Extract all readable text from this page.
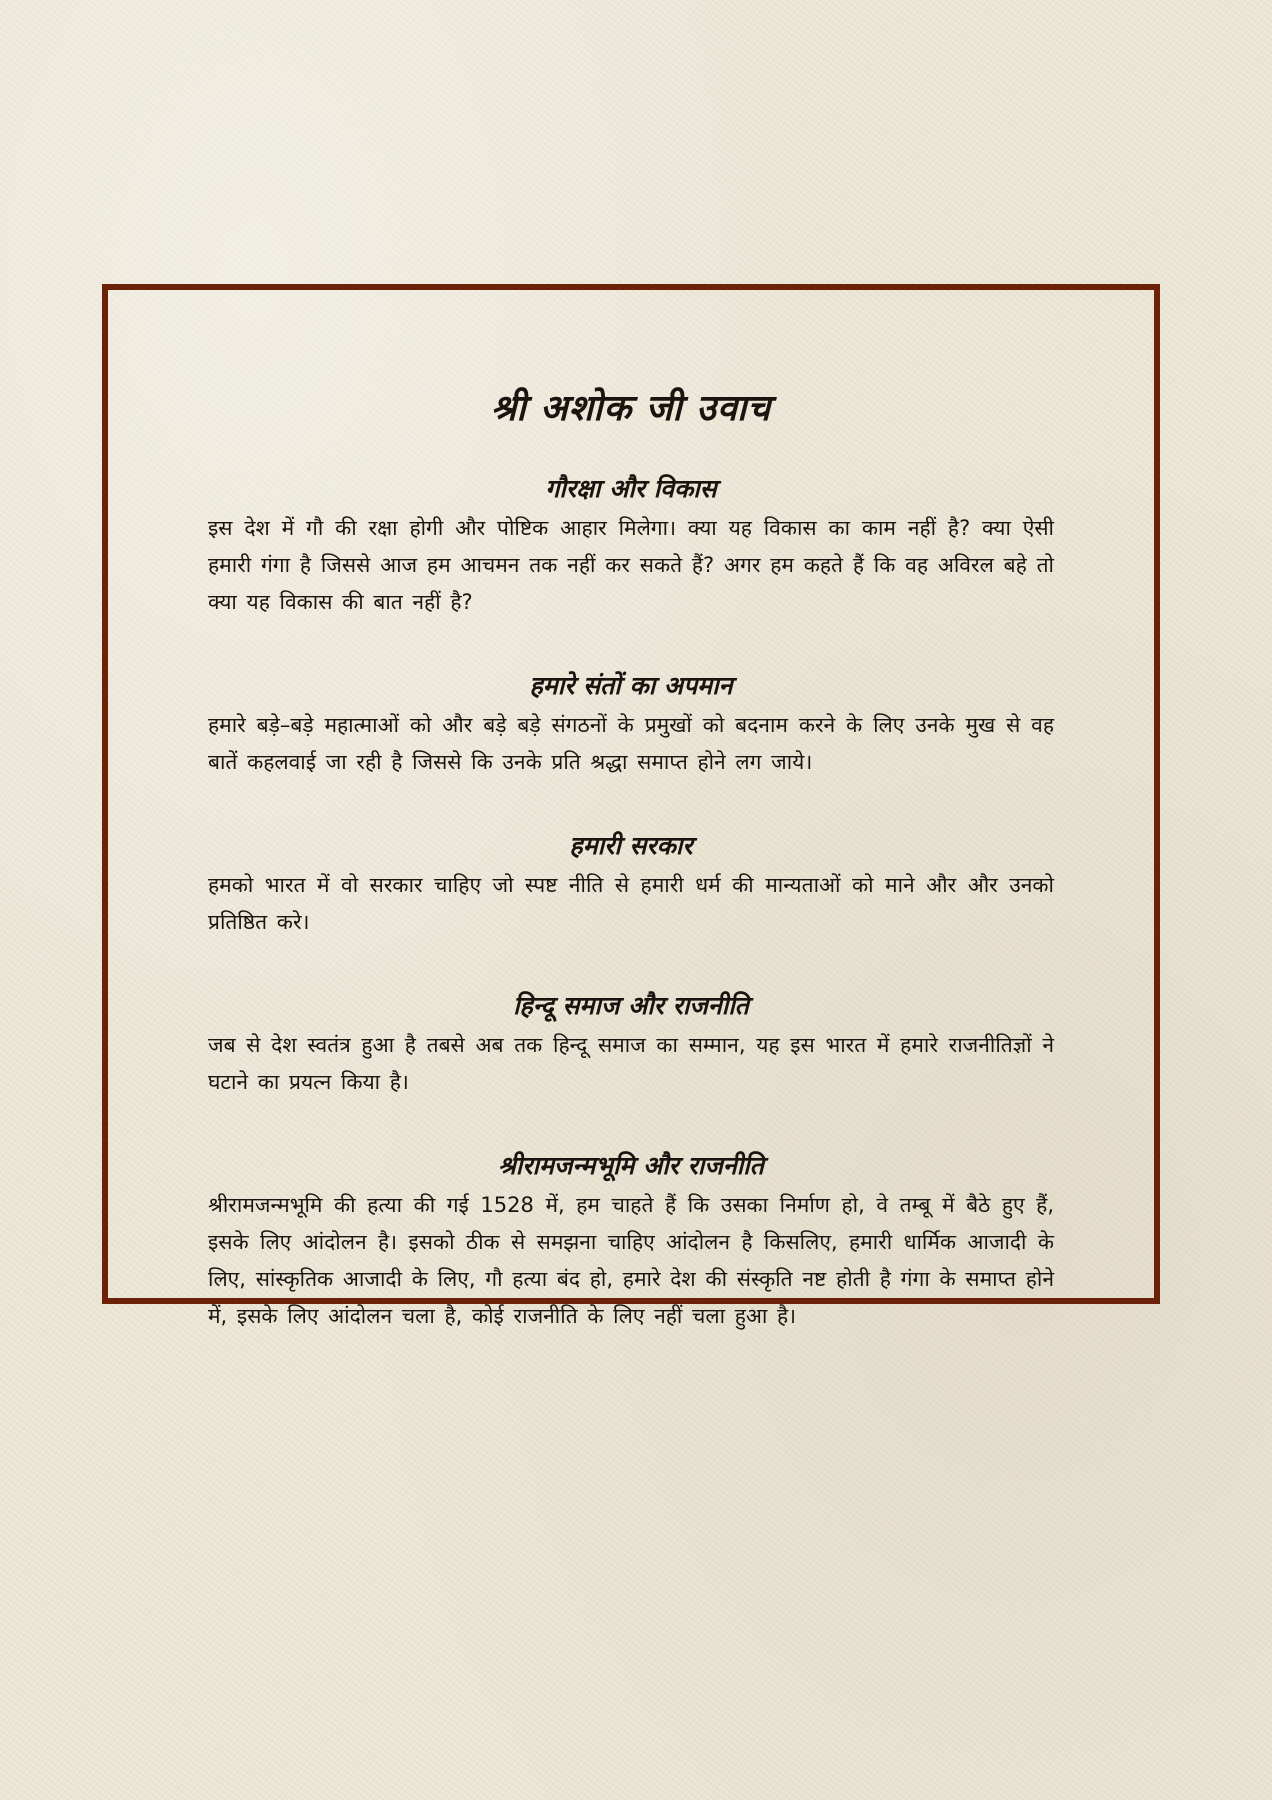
श्री अशोक जी उवाच
गौरक्षा और विकास

इस देश में गौ की रक्षा होगी और पोष्टिक आहार मिलेगा। क्या यह विकास का काम नहीं है? क्या ऐसी हमारी गंगा है जिससे आज हम आचमन तक नहीं कर सकते हैं? अगर हम कहते हैं कि वह अविरल बहे तो क्या यह विकास की बात नहीं है?

हमारे संतों का अपमान

हमारे बड़े–बड़े महात्माओं को और बड़े बड़े संगठनों के प्रमुखों को बदनाम करने के लिए उनके मुख से वह बातें कहलवाई जा रही है जिससे कि उनके प्रति श्रद्धा समाप्त होने लग जाये।

हमारी सरकार

हमको भारत में वो सरकार चाहिए जो स्पष्ट नीति से हमारी धर्म की मान्यताओं को माने और और उनको प्रतिष्ठित करे।

हिन्दू समाज और राजनीति

जब से देश स्वतंत्र हुआ है तबसे अब तक हिन्दू समाज का सम्मान, यह इस भारत में हमारे राजनीतिज्ञों ने घटाने का प्रयत्न किया है।

श्रीरामजन्मभूमि और राजनीति

श्रीरामजन्मभूमि की हत्या की गई 1528 में, हम चाहते हैं कि उसका निर्माण हो, वे तम्बू में बैठे हुए हैं, इसके लिए आंदोलन है। इसको ठीक से समझना चाहिए आंदोलन है किसलिए, हमारी धार्मिक आजादी के लिए, सांस्कृतिक आजादी के लिए, गौ हत्या बंद हो, हमारे देश की संस्कृति नष्ट होती है गंगा के समाप्त होने में, इसके लिए आंदोलन चला है, कोई राजनीति के लिए नहीं चला हुआ है।
